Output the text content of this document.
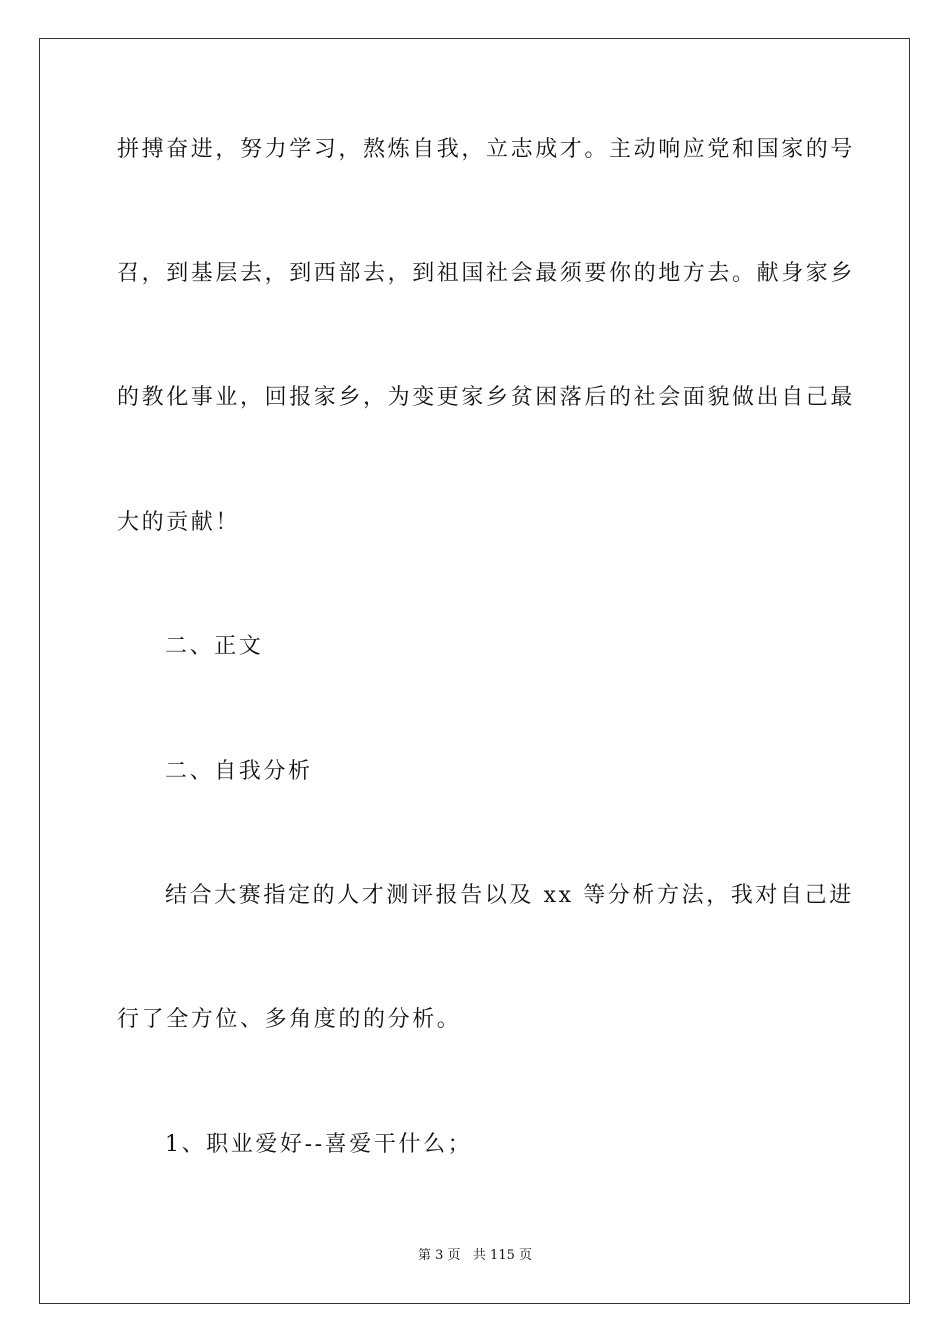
拼搏奋进，努力学习，熬炼自我，立志成才。主动响应党和国家的号
召，到基层去，到西部去，到祖国社会最须要你的地方去。献身家乡
的教化事业，回报家乡，为变更家乡贫困落后的社会面貌做出自己最
大的贡献！
二、正文
二、自我分析
结合大赛指定的人才测评报告以及 xx 等分析方法，我对自己进
行了全方位、多角度的的分析。
1、职业爱好--喜爱干什么；
第 3 页   共 115 页
